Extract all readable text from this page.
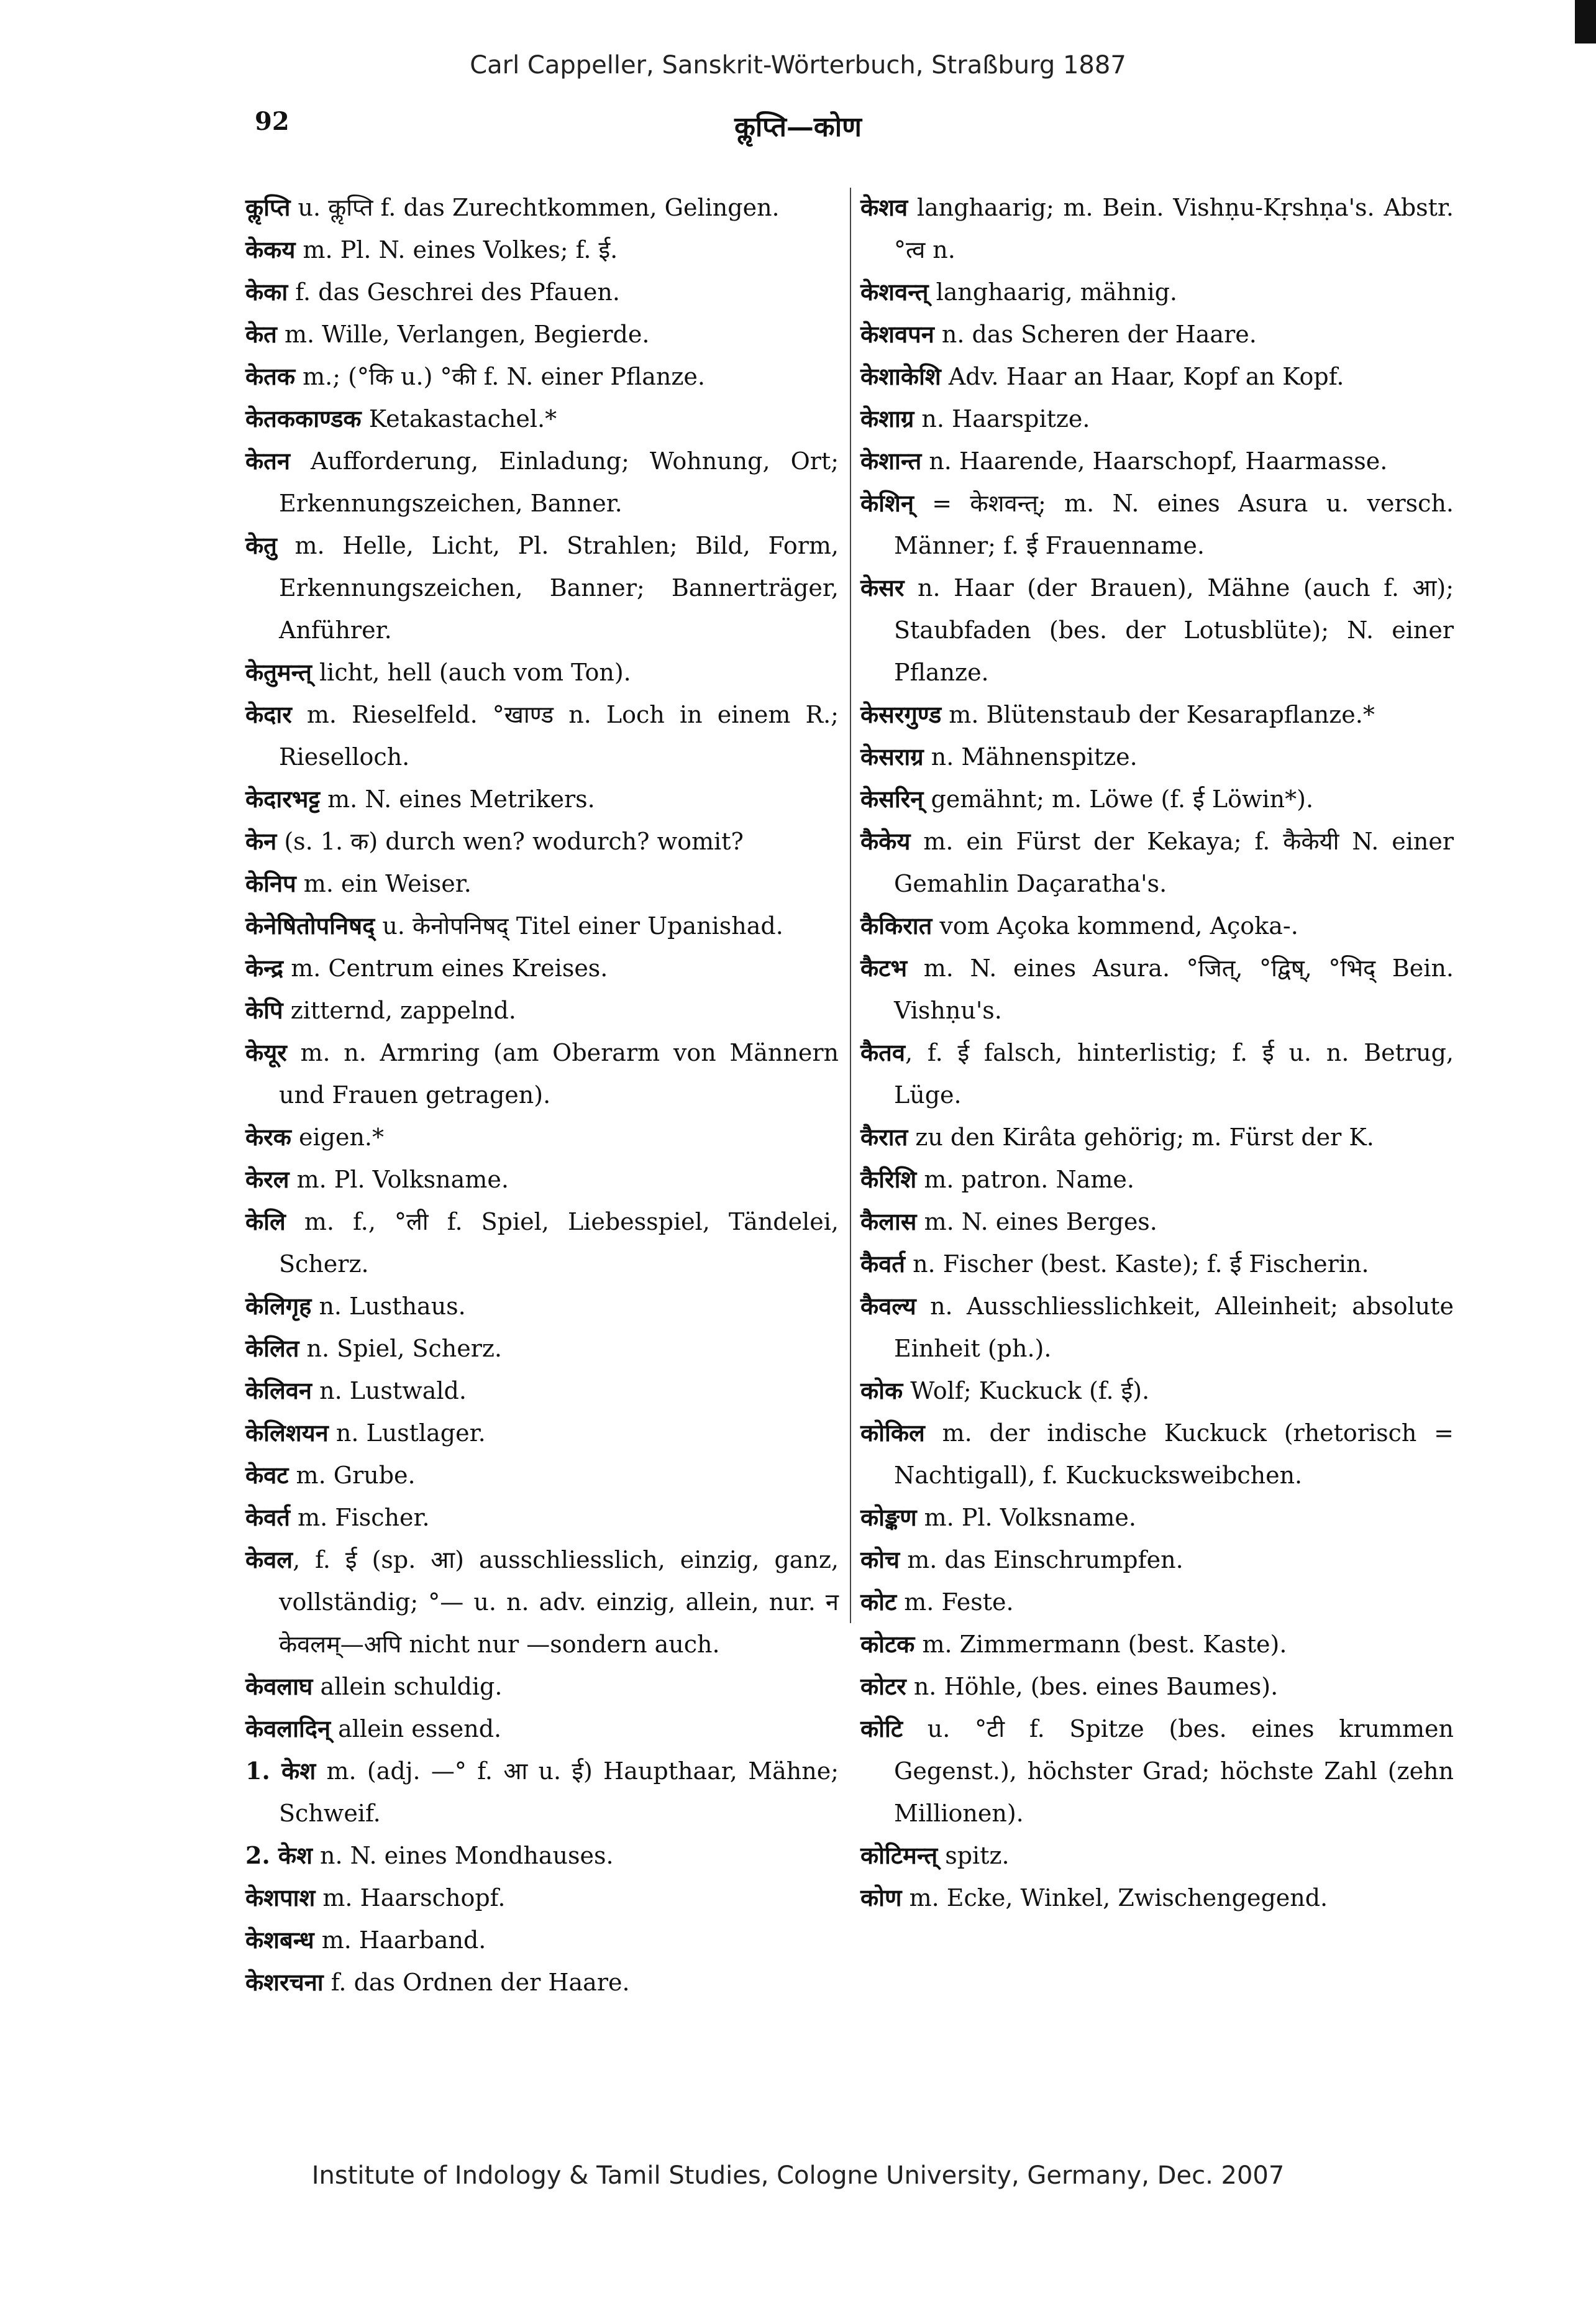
Carl Cappeller, Sanskrit-Wörterbuch, Straßburg 1887
92	कॢप्ति—कोण

कॢप्ति u. कॢप्ति f. das Zurechtkommen, Gelingen.

केकय m. Pl. N. eines Volkes; f. ई.

केका f. das Geschrei des Pfauen.

केत m. Wille, Verlangen, Begierde.

केतक m.; (°कि u.) °की f. N. einer Pflanze.

केतककाण्डक Ketakastachel.*

केतन Aufforderung, Einladung; Wohnung, Ort; Erkennungszeichen, Banner.

केतु m. Helle, Licht, Pl. Strahlen; Bild, Form, Erkennungszeichen, Banner; Bannerträger, Anführer.

केतुमन्त् licht, hell (auch vom Ton).

केदार m. Rieselfeld. °खाण्ड n. Loch in einem R.; Rieselloch.

केदारभट्ट m. N. eines Metrikers.

केन (s. 1. क) durch wen? wodurch? womit?

केनिप m. ein Weiser.

केनेषितोपनिषद् u. केनोपनिषद् Titel einer Upanishad.

केन्द्र m. Centrum eines Kreises.

केपि zitternd, zappelnd.

केयूर m. n. Armring (am Oberarm von Männern und Frauen getragen).

केरक eigen.*

केरल m. Pl. Volksname.

केलि m. f., °ली f. Spiel, Liebesspiel, Tändelei, Scherz.

केलिगृह n. Lusthaus.

केलित n. Spiel, Scherz.

केलिवन n. Lustwald.

केलिशयन n. Lustlager.

केवट m. Grube.

केवर्त m. Fischer.

केवल, f. ई (sp. आ) ausschliesslich, einzig, ganz, vollständig; °— u. n. adv. einzig, allein, nur. न केवलम्—अपि nicht nur —sondern auch.

केवलाघ allein schuldig.

केवलादिन् allein essend.

1. केश m. (adj. —° f. आ u. ई) Haupthaar, Mähne; Schweif.

2. केश n. N. eines Mondhauses.

केशपाश m. Haarschopf.

केशबन्ध m. Haarband.

केशरचना f. das Ordnen der Haare.

केशव langhaarig; m. Bein. Vishṇu-Kṛshṇa's. Abstr. °त्व n.

केशवन्त् langhaarig, mähnig.

केशवपन n. das Scheren der Haare.

केशाकेशि Adv. Haar an Haar, Kopf an Kopf.

केशाग्र n. Haarspitze.

केशान्त n. Haarende, Haarschopf, Haarmasse.

केशिन् = केशवन्त्; m. N. eines Asura u. versch. Männer; f. ई Frauenname.

केसर n. Haar (der Brauen), Mähne (auch f. आ); Staubfaden (bes. der Lotusblüte); N. einer Pflanze.

केसरगुण्ड m. Blütenstaub der Kesarapflanze.*

केसराग्र n. Mähnenspitze.

केसरिन् gemähnt; m. Löwe (f. ई Löwin*).

कैकेय m. ein Fürst der Kekaya; f. कैकेयी N. einer Gemahlin Daçaratha's.

कैकिरात vom Açoka kommend, Açoka-.

कैटभ m. N. eines Asura. °जित्, °द्विष्, °भिद् Bein. Vishṇu's.

कैतव, f. ई falsch, hinterlistig; f. ई u. n. Betrug, Lüge.

कैरात zu den Kirâta gehörig; m. Fürst der K.

कैरिशि m. patron. Name.

कैलास m. N. eines Berges.

कैवर्त n. Fischer (best. Kaste); f. ई Fischerin.

कैवल्य n. Ausschliesslichkeit, Alleinheit; absolute Einheit (ph.).

कोक Wolf; Kuckuck (f. ई).

कोकिल m. der indische Kuckuck (rhetorisch = Nachtigall), f. Kuckucksweibchen.

कोङ्कण m. Pl. Volksname.

कोच m. das Einschrumpfen.

कोट m. Feste.

कोटक m. Zimmermann (best. Kaste).

कोटर n. Höhle, (bes. eines Baumes).

कोटि u. °टी f. Spitze (bes. eines krummen Gegenst.), höchster Grad; höchste Zahl (zehn Millionen).

कोटिमन्त् spitz.

कोण m. Ecke, Winkel, Zwischengegend.

Institute of Indology & Tamil Studies, Cologne University, Germany, Dec. 2007
